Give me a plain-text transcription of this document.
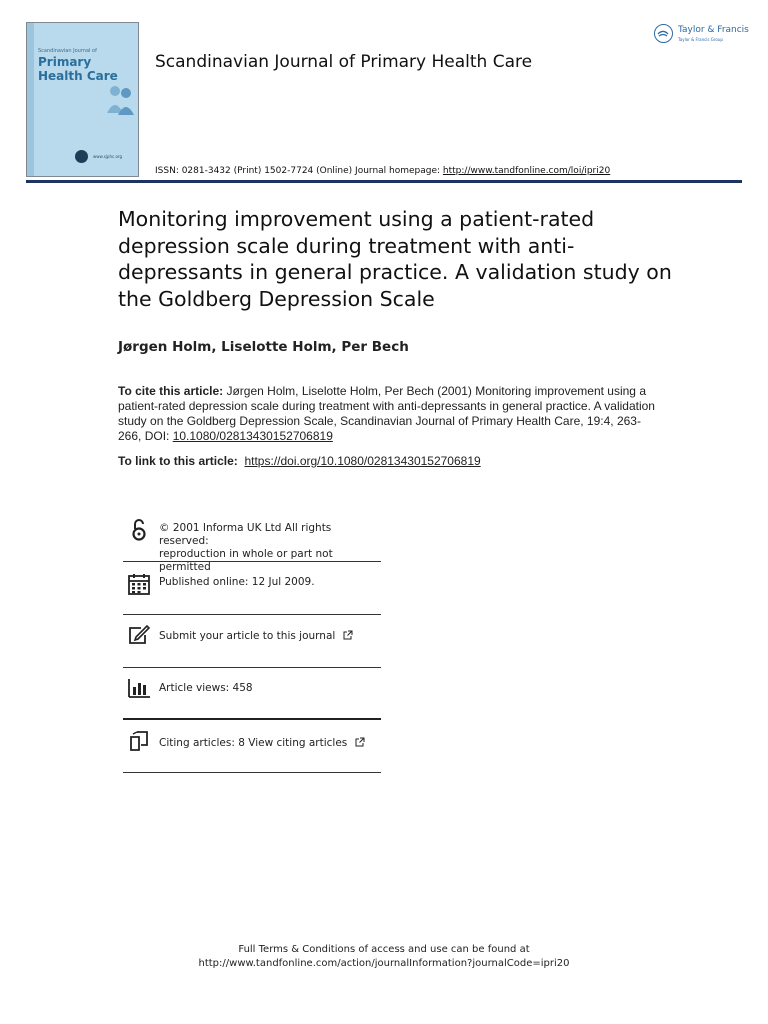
Scandinavian Journal of
Primary
Health Care
www.sjphc.org
Scandinavian Journal of Primary Health Care
ISSN: 0281-3432 (Print) 1502-7724 (Online) Journal homepage: http://www.tandfonline.com/loi/ipri20
Taylor & Francis
Taylor & Francis Group
Monitoring improvement using a patient-rated depression scale during treatment with anti-depressants in general practice. A validation study on the Goldberg Depression Scale
Jørgen Holm, Liselotte Holm, Per Bech
To cite this article: Jørgen Holm, Liselotte Holm, Per Bech (2001) Monitoring improvement using a patient-rated depression scale during treatment with anti-depressants in general practice. A validation study on the Goldberg Depression Scale, Scandinavian Journal of Primary Health Care, 19:4, 263-266, DOI: 10.1080/02813430152706819
To link to this article: https://doi.org/10.1080/02813430152706819
© 2001 Informa UK Ltd All rights reserved:
reproduction in whole or part not permitted
Published online: 12 Jul 2009.
Submit your article to this journal
Article views: 458
Citing articles: 8 View citing articles
Full Terms & Conditions of access and use can be found at
http://www.tandfonline.com/action/journalInformation?journalCode=ipri20
